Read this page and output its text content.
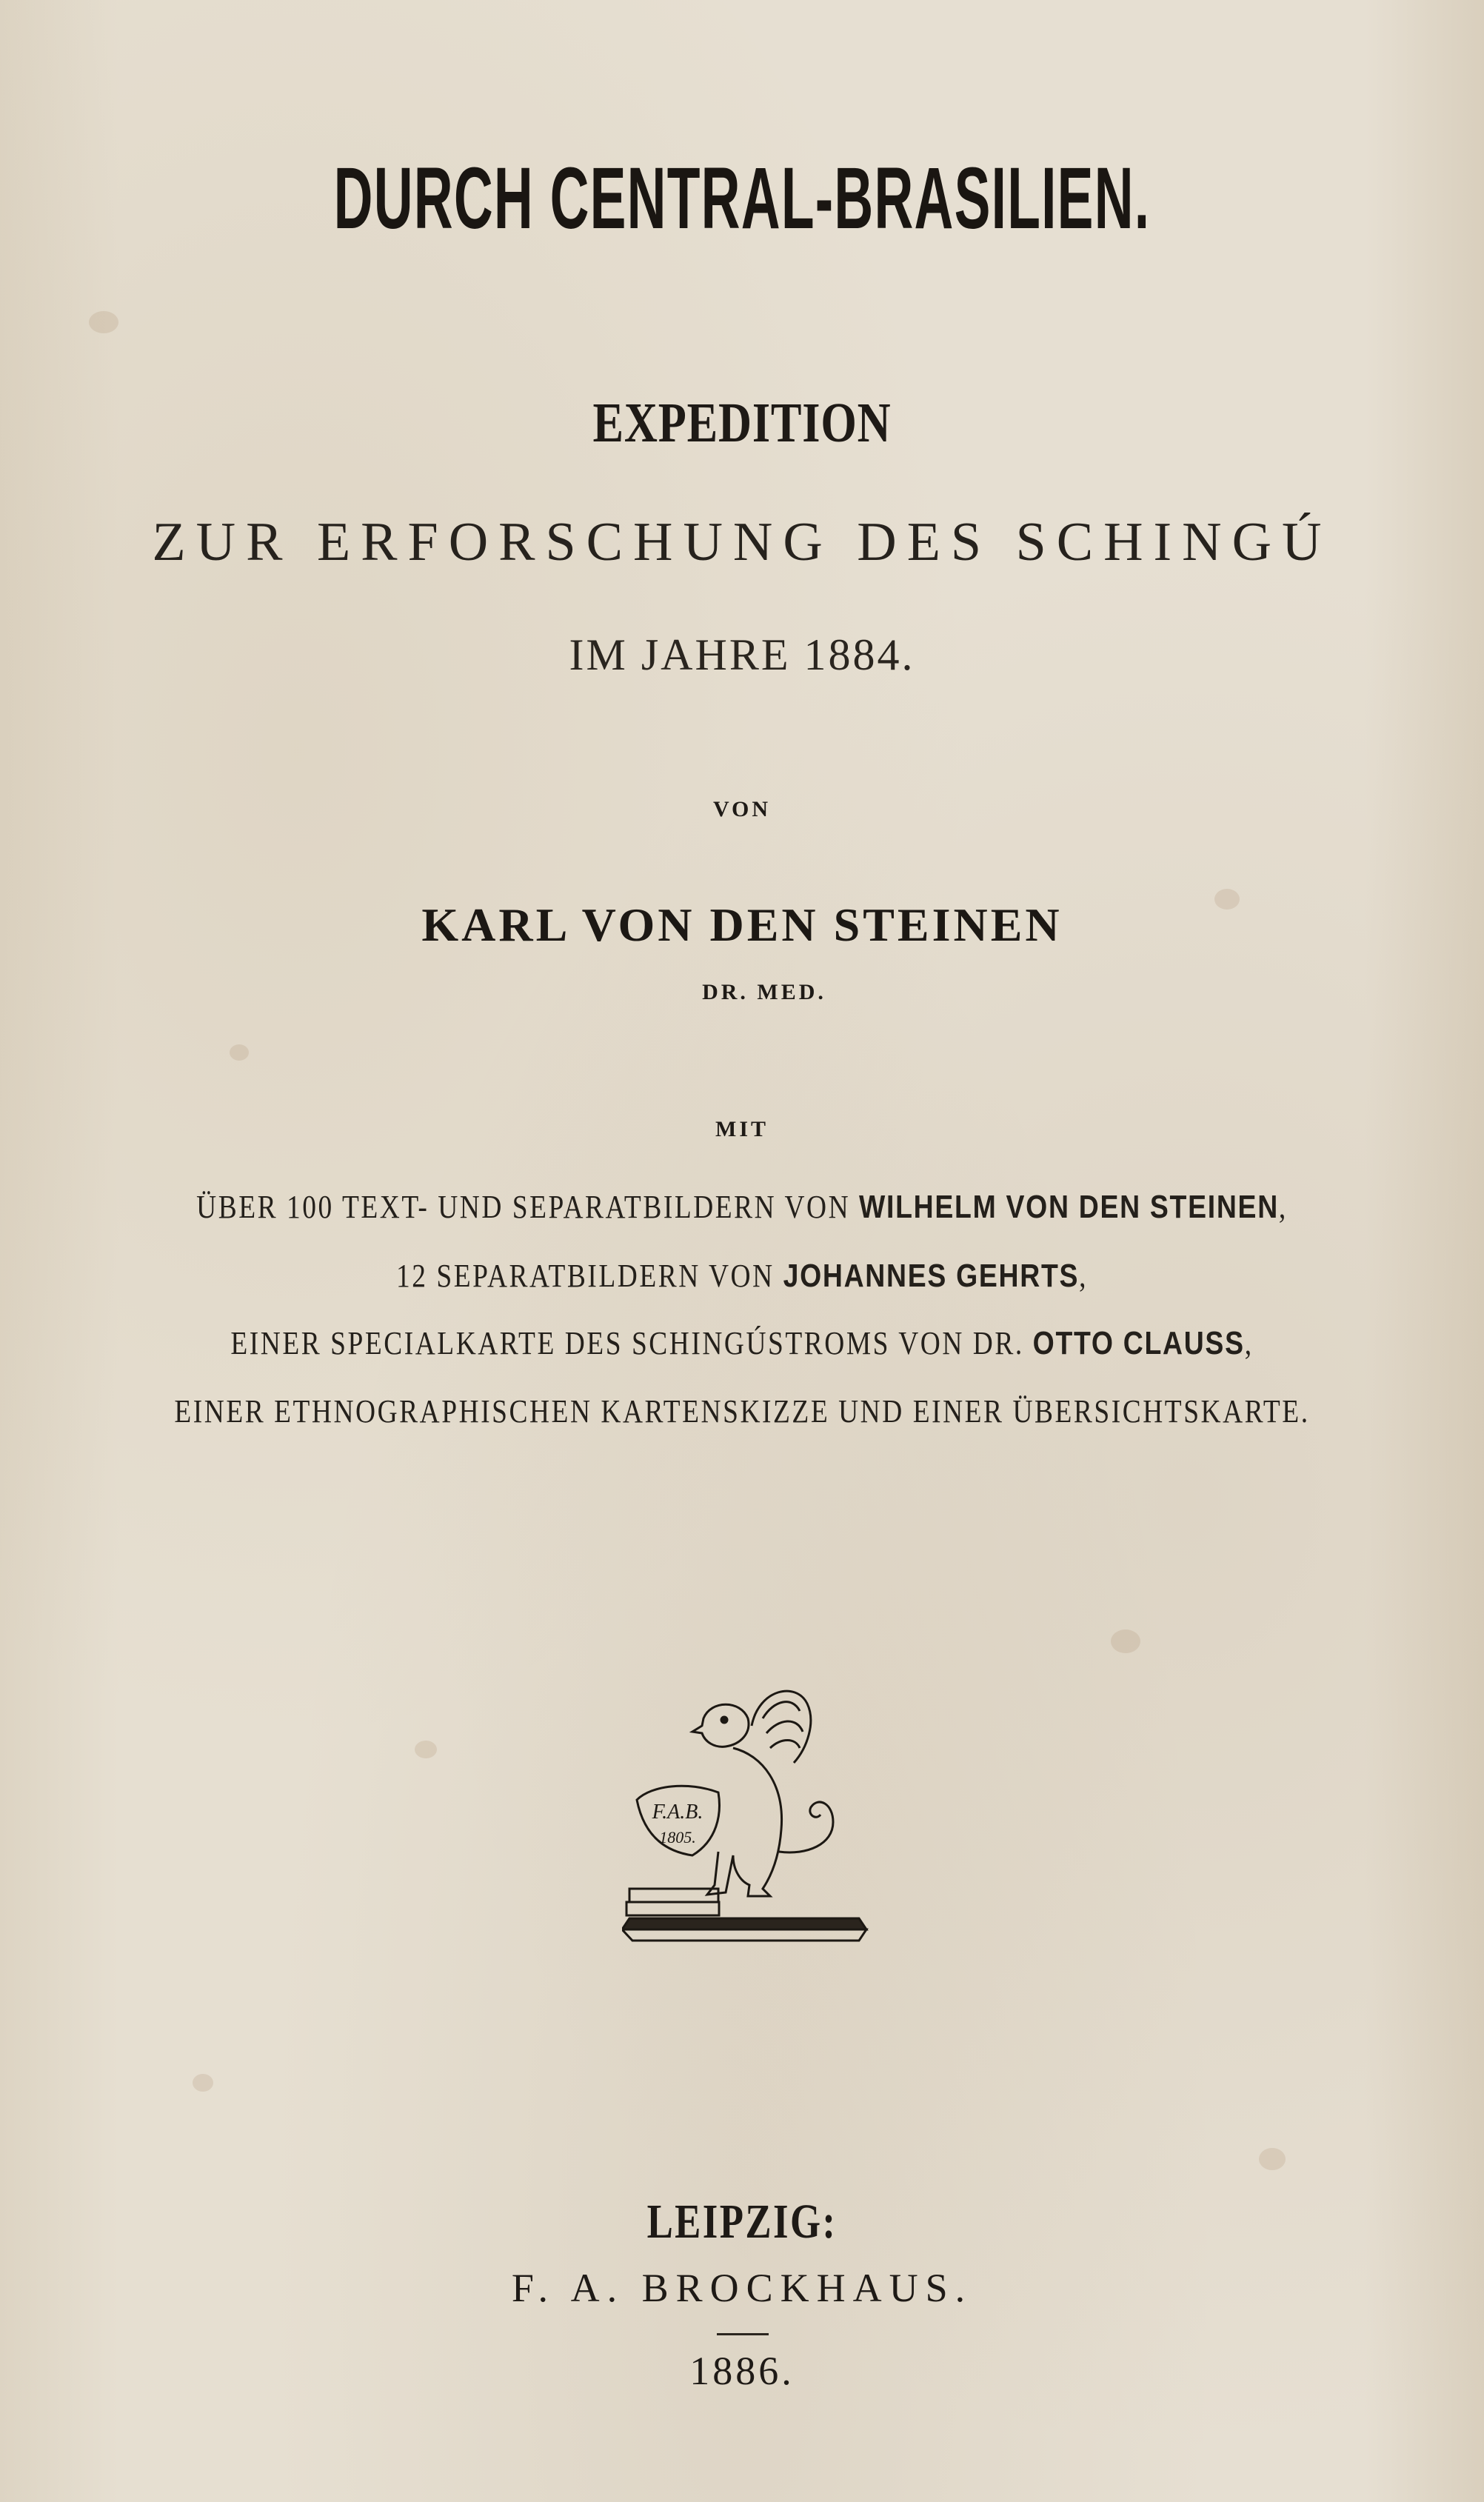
DURCH CENTRAL-BRASILIEN.
EXPEDITION
ZUR ERFORSCHUNG DES SCHINGÚ
IM JAHRE 1884.
VON
KARL VON DEN STEINEN
DR. MED.
MIT
ÜBER 100 TEXT- UND SEPARATBILDERN VON WILHELM VON DEN STEINEN,
12 SEPARATBILDERN VON JOHANNES GEHRTS,
EINER SPECIALKARTE DES SCHINGÚSTROMS VON DR. OTTO CLAUSS,
EINER ETHNOGRAPHISCHEN KARTENSKIZZE UND EINER ÜBERSICHTSKARTE.
F.A.B.
1805.
LEIPZIG:
F. A. BROCKHAUS.
1886.
